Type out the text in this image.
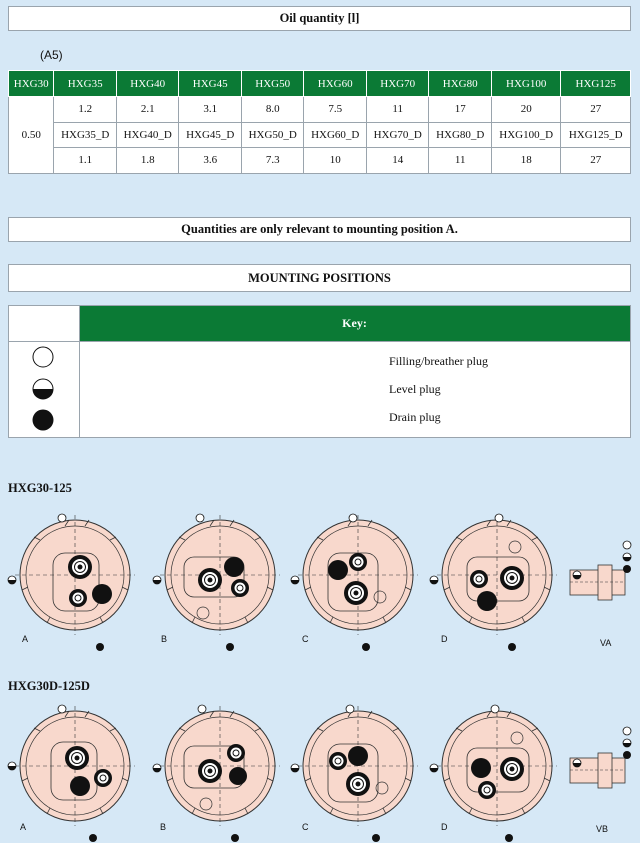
Oil quantity [l]
(A5)
HXG30	HXG35	HXG40	HXG45	HXG50	HXG60	HXG70	HXG80	HXG100	HXG125
0.50	1.2	2.1	3.1	8.0	7.5	11	17	20	27
	HXG35_D	HXG40_D	HXG45_D	HXG50_D	HXG60_D	HXG70_D	HXG80_D	HXG100_D	HXG125_D
	1.1	1.8	3.6	7.3	10	14	11	18	27
Quantities are only relevant to mounting position A.
MOUNTING POSITIONS
Key:
Filling/breather plug
Level plug
Drain plug
HXG30-125
A	B	C	D	VA
HXG30D-125D
A	B	C	D	VB
